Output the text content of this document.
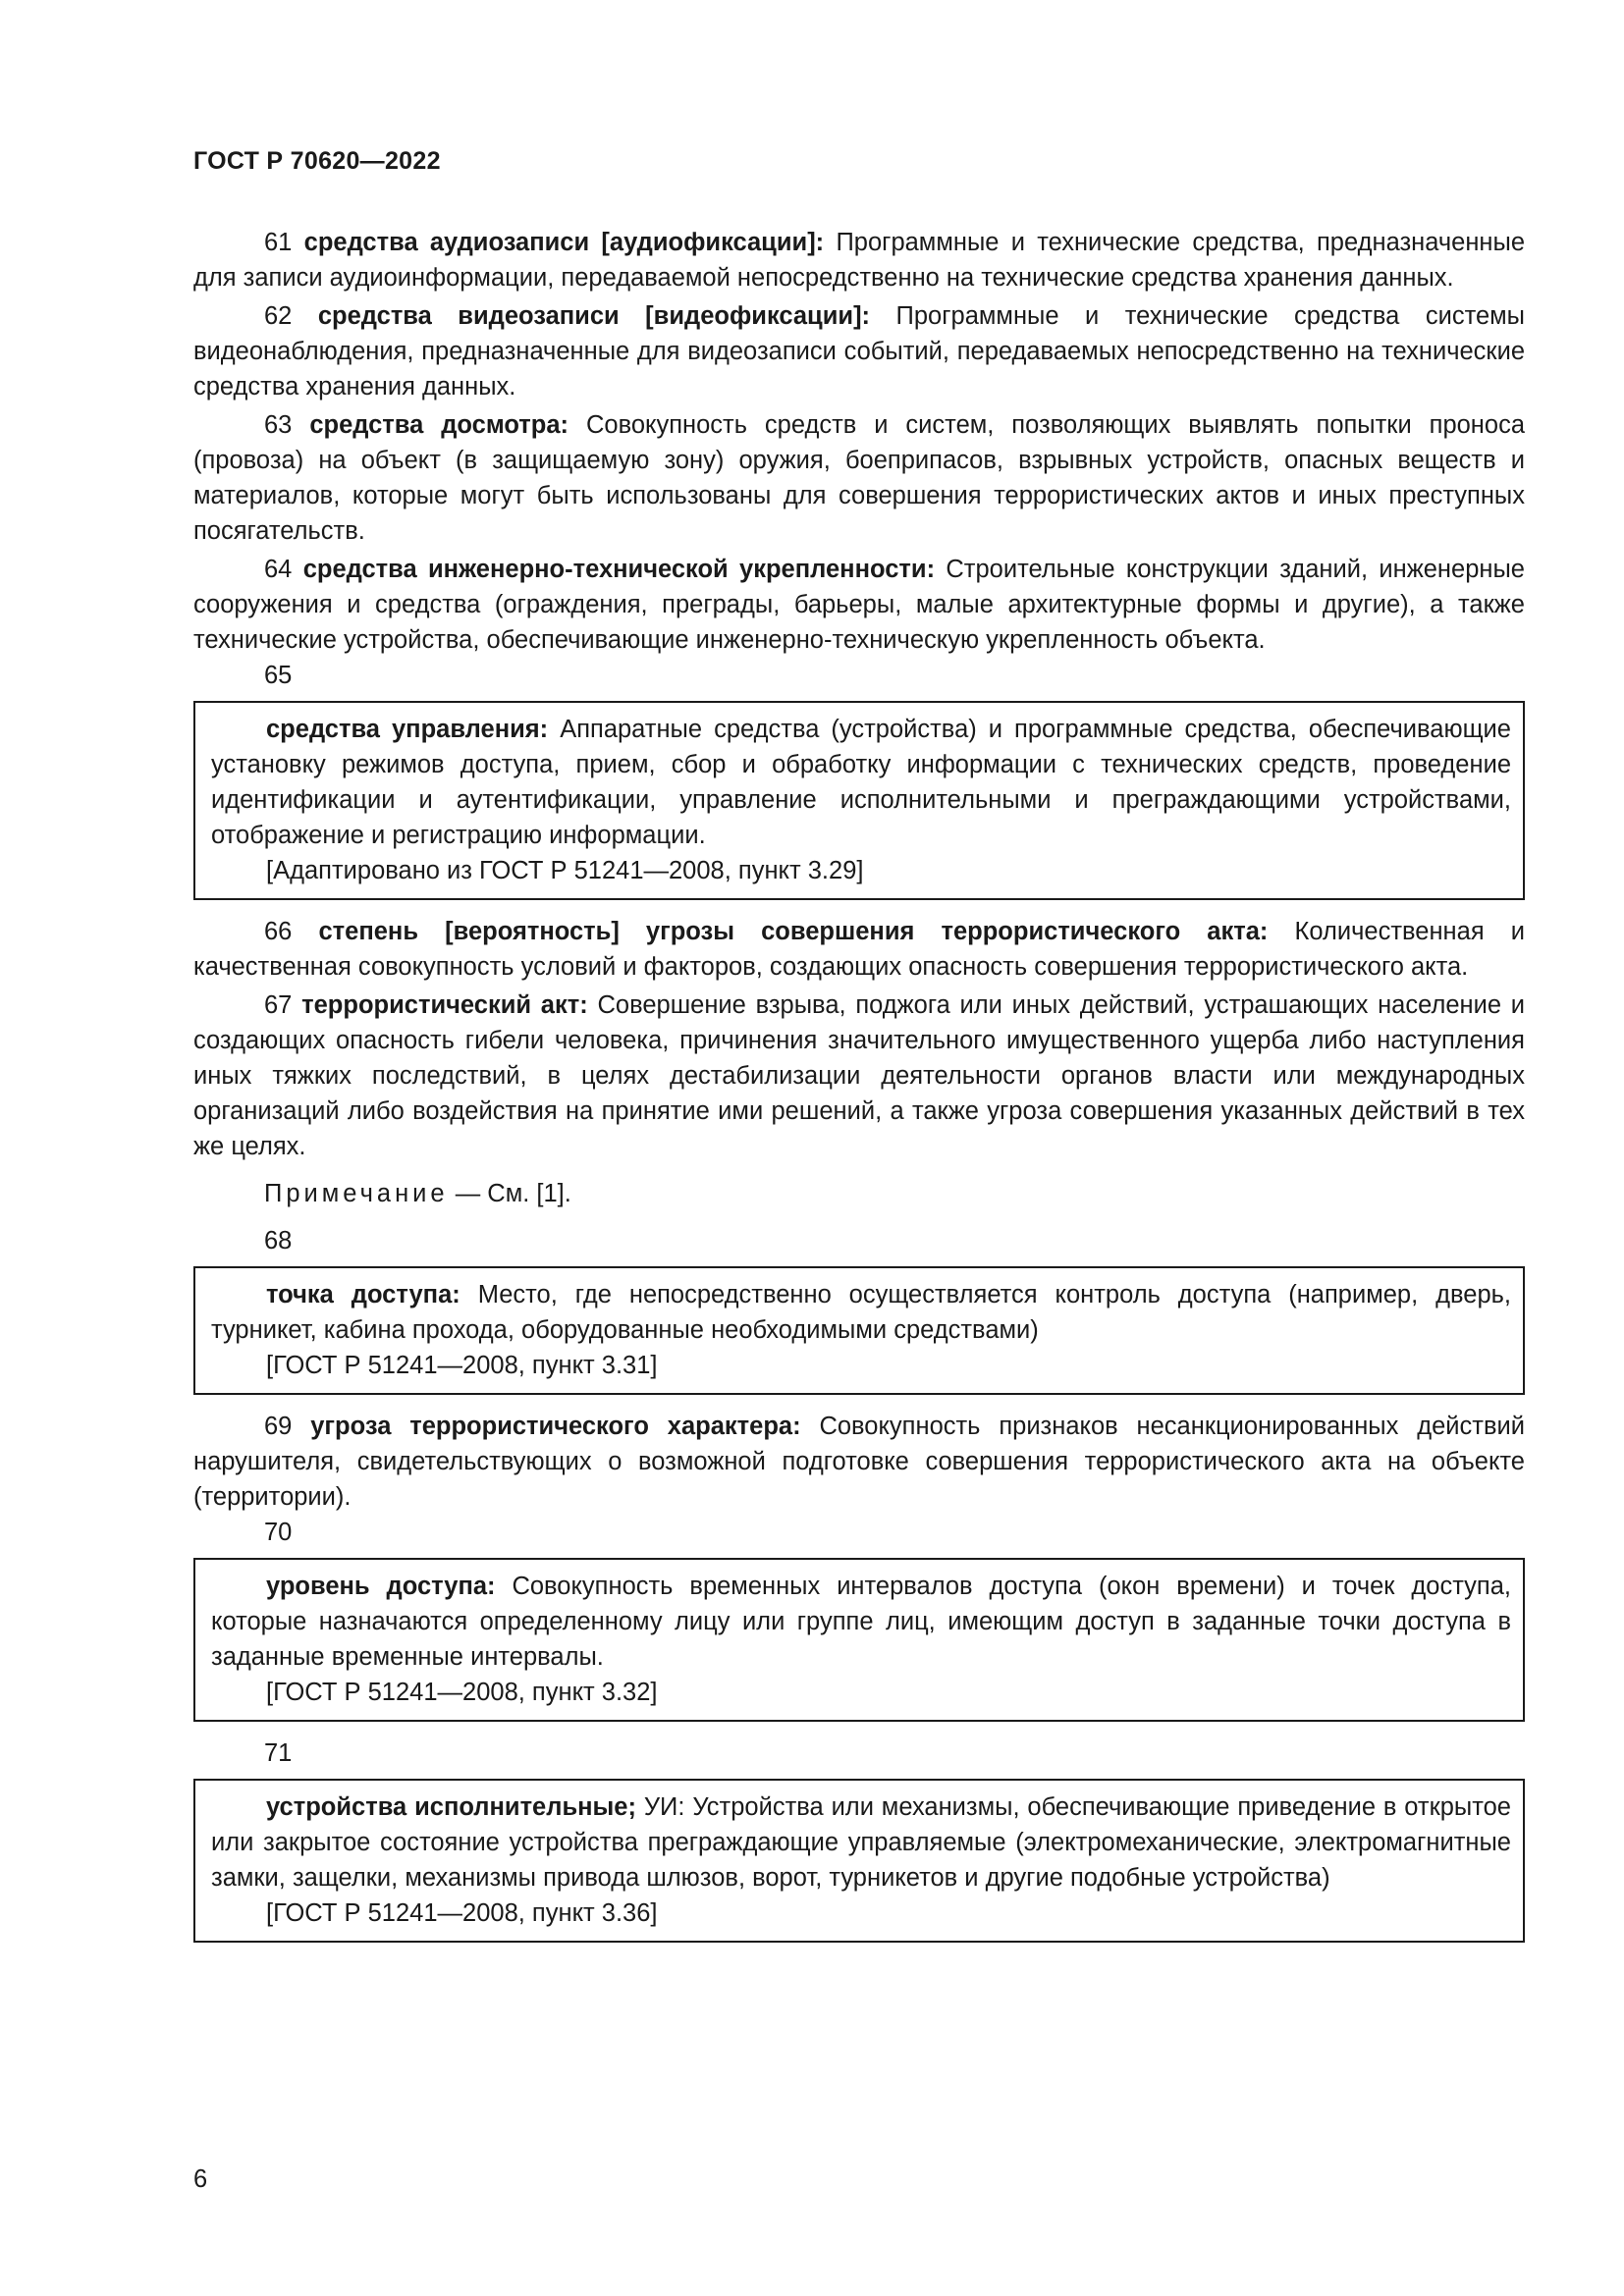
ГОСТ Р 70620—2022

61 средства аудиозаписи [аудиофиксации]: Программные и технические средства, предназначенные для записи аудиоинформации, передаваемой непосредственно на технические средства хранения данных.

62 средства видеозаписи [видеофиксации]: Программные и технические средства системы видеонаблюдения, предназначенные для видеозаписи событий, передаваемых непосредственно на технические средства хранения данных.

63 средства досмотра: Совокупность средств и систем, позволяющих выявлять попытки проноса (провоза) на объект (в защищаемую зону) оружия, боеприпасов, взрывных устройств, опасных веществ и материалов, которые могут быть использованы для совершения террористических актов и иных преступных посягательств.

64 средства инженерно-технической укрепленности: Строительные конструкции зданий, инженерные сооружения и средства (ограждения, преграды, барьеры, малые архитектурные формы и другие), а также технические устройства, обеспечивающие инженерно-техническую укрепленность объекта.

65

средства управления: Аппаратные средства (устройства) и программные средства, обеспечивающие установку режимов доступа, прием, сбор и обработку информации с технических средств, проведение идентификации и аутентификации, управление исполнительными и преграждающими устройствами, отображение и регистрацию информации.

[Адаптировано из ГОСТ Р 51241—2008, пункт 3.29]

66 степень [вероятность] угрозы совершения террористического акта: Количественная и качественная совокупность условий и факторов, создающих опасность совершения террористического акта.

67 террористический акт: Совершение взрыва, поджога или иных действий, устрашающих население и создающих опасность гибели человека, причинения значительного имущественного ущерба либо наступления иных тяжких последствий, в целях дестабилизации деятельности органов власти или международных организаций либо воздействия на принятие ими решений, а также угроза совершения указанных действий в тех же целях.

Примечание — См. [1].

68

точка доступа: Место, где непосредственно осуществляется контроль доступа (например, дверь, турникет, кабина прохода, оборудованные необходимыми средствами)

[ГОСТ Р 51241—2008, пункт 3.31]

69 угроза террористического характера: Совокупность признаков несанкционированных действий нарушителя, свидетельствующих о возможной подготовке совершения террористического акта на объекте (территории).

70

уровень доступа: Совокупность временных интервалов доступа (окон времени) и точек доступа, которые назначаются определенному лицу или группе лиц, имеющим доступ в заданные точки доступа в заданные временные интервалы.

[ГОСТ Р 51241—2008, пункт 3.32]

71

устройства исполнительные; УИ: Устройства или механизмы, обеспечивающие приведение в открытое или закрытое состояние устройства преграждающие управляемые (электромеханические, электромагнитные замки, защелки, механизмы привода шлюзов, ворот, турникетов и другие подобные устройства)

[ГОСТ Р 51241—2008, пункт 3.36]

6
